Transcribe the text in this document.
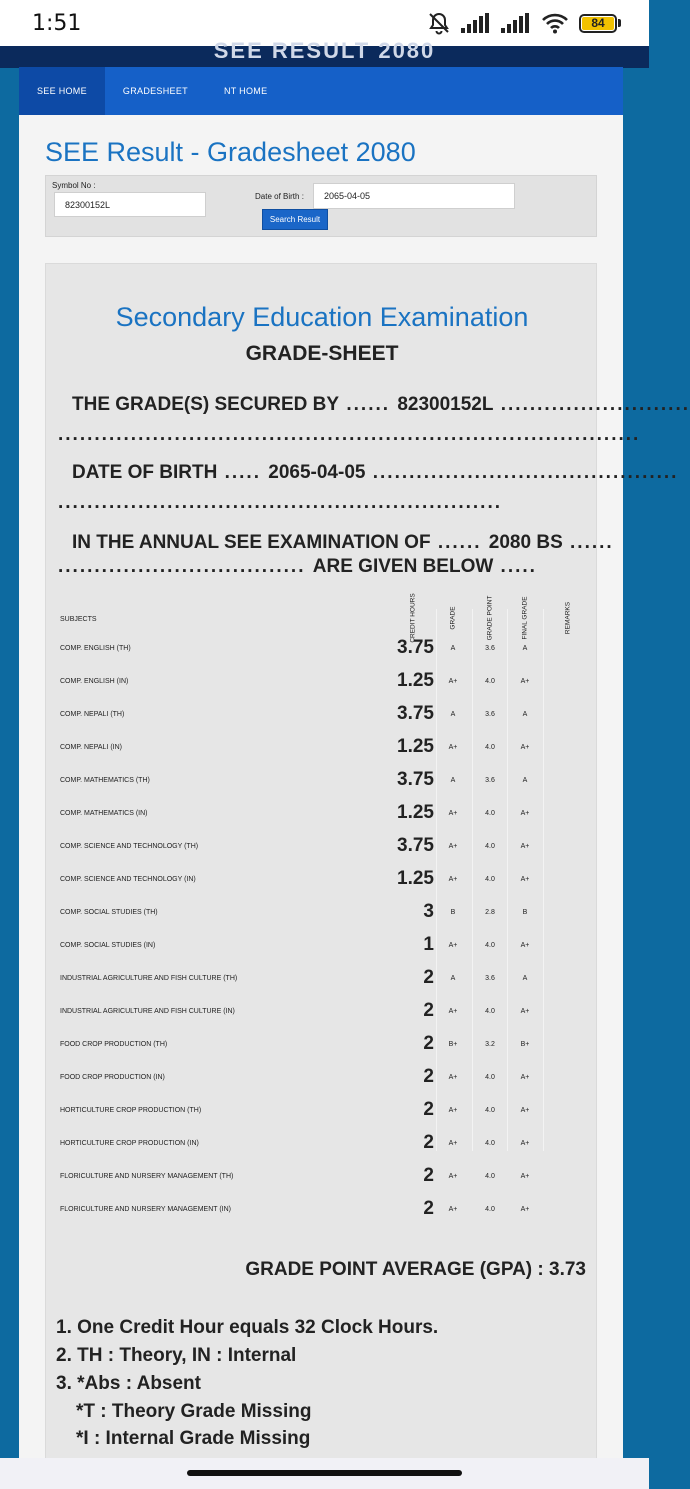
1:51	84
SEE RESULT 2080
SEE HOME	GRADESHEET	NT HOME
SEE Result - Gradesheet 2080
Symbol No :
82300152L
Date of Birth :	2065-04-05
Search Result
Secondary Education Examination
GRADE-SHEET
THE GRADE(S) SECURED BY ...... 82300152L ..........................
................................................................................
DATE OF BIRTH ..... 2065-04-05 ..........................................
.............................................................
IN THE ANNUAL SEE EXAMINATION OF ...... 2080 BS ......
.................................. ARE GIVEN BELOW .....
SUBJECTS	CREDIT HOURS	GRADE	GRADE POINT	FINAL GRADE	REMARKS
COMP. ENGLISH (TH)	3.75	A	3.6	A
COMP. ENGLISH (IN)	1.25	A+	4.0	A+
COMP. NEPALI (TH)	3.75	A	3.6	A
COMP. NEPALI (IN)	1.25	A+	4.0	A+
COMP. MATHEMATICS (TH)	3.75	A	3.6	A
COMP. MATHEMATICS (IN)	1.25	A+	4.0	A+
COMP. SCIENCE AND TECHNOLOGY (TH)	3.75	A+	4.0	A+
COMP. SCIENCE AND TECHNOLOGY (IN)	1.25	A+	4.0	A+
COMP. SOCIAL STUDIES (TH)	3	B	2.8	B
COMP. SOCIAL STUDIES (IN)	1	A+	4.0	A+
INDUSTRIAL AGRICULTURE AND FISH CULTURE (TH)	2	A	3.6	A
INDUSTRIAL AGRICULTURE AND FISH CULTURE (IN)	2	A+	4.0	A+
FOOD CROP PRODUCTION (TH)	2	B+	3.2	B+
FOOD CROP PRODUCTION (IN)	2	A+	4.0	A+
HORTICULTURE CROP PRODUCTION (TH)	2	A+	4.0	A+
HORTICULTURE CROP PRODUCTION (IN)	2	A+	4.0	A+
FLORICULTURE AND NURSERY MANAGEMENT (TH)	2	A+	4.0	A+
FLORICULTURE AND NURSERY MANAGEMENT (IN)	2	A+	4.0	A+
GRADE POINT AVERAGE (GPA) : 3.73
1. One Credit Hour equals 32 Clock Hours.
2. TH : Theory, IN : Internal
3. *Abs : Absent
*T : Theory Grade Missing
*I : Internal Grade Missing
